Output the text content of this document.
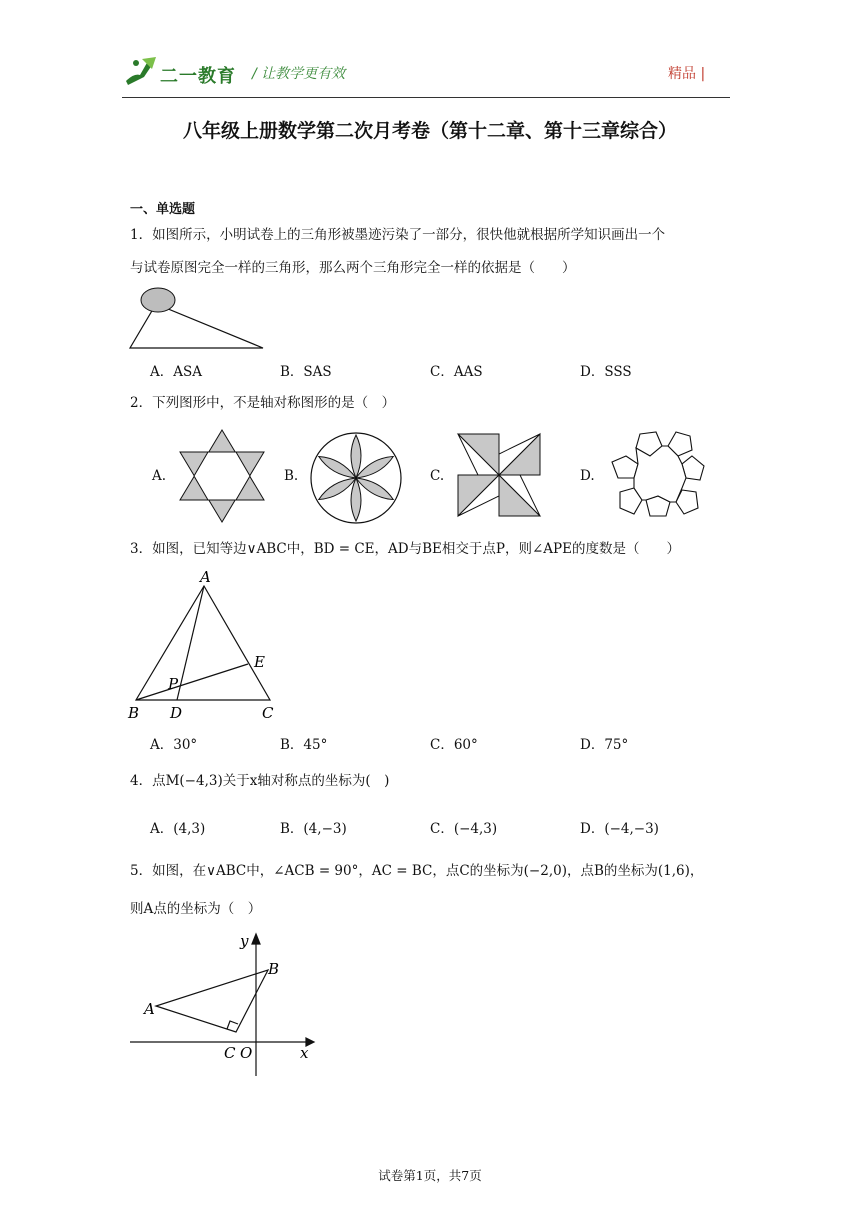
二一教育 / 让教学更有效	精品 |
八年级上册数学第二次月考卷（第十二章、第十三章综合）
一、单选题
1．如图所示，小明试卷上的三角形被墨迹污染了一部分，很快他就根据所学知识画出一个
与试卷原图完全一样的三角形，那么两个三角形完全一样的依据是（　　）
A．ASA	B．SAS	C．AAS	D．SSS
2．下列图形中，不是轴对称图形的是（　）
A.	B.	C.	D.
3．如图，已知等边∨ABC中，BD = CE，AD与BE相交于点P，则∠APE的度数是（　　）
A
B	C
D
E
P
A．30°	B．45°	C．60°	D．75°
4．点M(−4,3)关于x轴对称点的坐标为(　)
A．(4,3)	B．(4,−3)	C．(−4,3)	D．(−4,−3)
5．如图，在∨ABC中，∠ACB = 90°，AC = BC，点C的坐标为(−2,0)，点B的坐标为(1,6)，
则A点的坐标为（　）
y
B
A
C O	x
试卷第1页，共7页
